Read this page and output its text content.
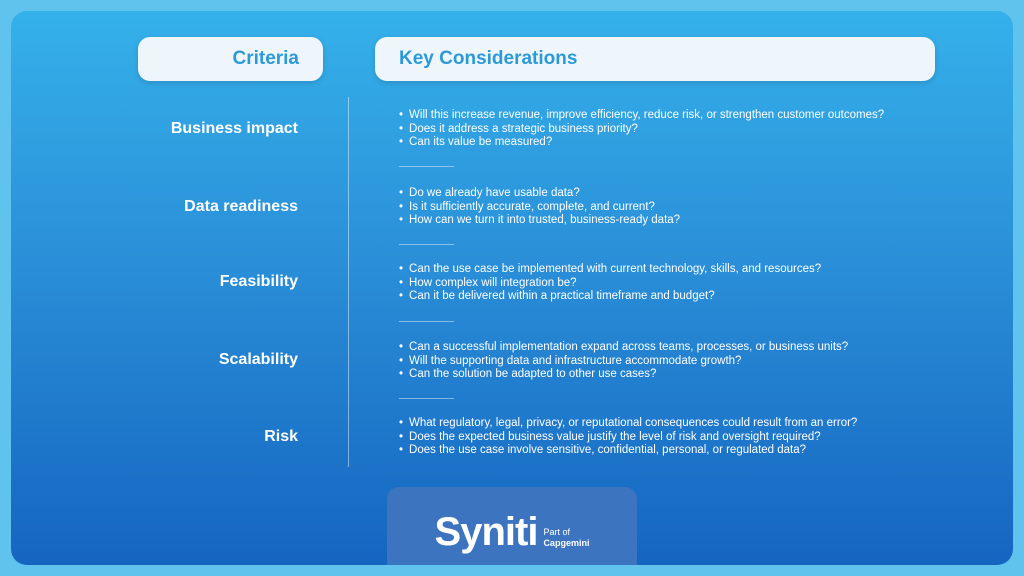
Criteria	Key Considerations
Business impact
• Will this increase revenue, improve efficiency, reduce risk, or strengthen customer outcomes?
• Does it address a strategic business priority?
• Can its value be measured?
Data readiness
• Do we already have usable data?
• Is it sufficiently accurate, complete, and current?
• How can we turn it into trusted, business-ready data?
Feasibility
• Can the use case be implemented with current technology, skills, and resources?
• How complex will integration be?
• Can it be delivered within a practical timeframe and budget?
Scalability
• Can a successful implementation expand across teams, processes, or business units?
• Will the supporting data and infrastructure accommodate growth?
• Can the solution be adapted to other use cases?
Risk
• What regulatory, legal, privacy, or reputational consequences could result from an error?
• Does the expected business value justify the level of risk and oversight required?
• Does the use case involve sensitive, confidential, personal, or regulated data?
Syniti Part of
Capgemini
